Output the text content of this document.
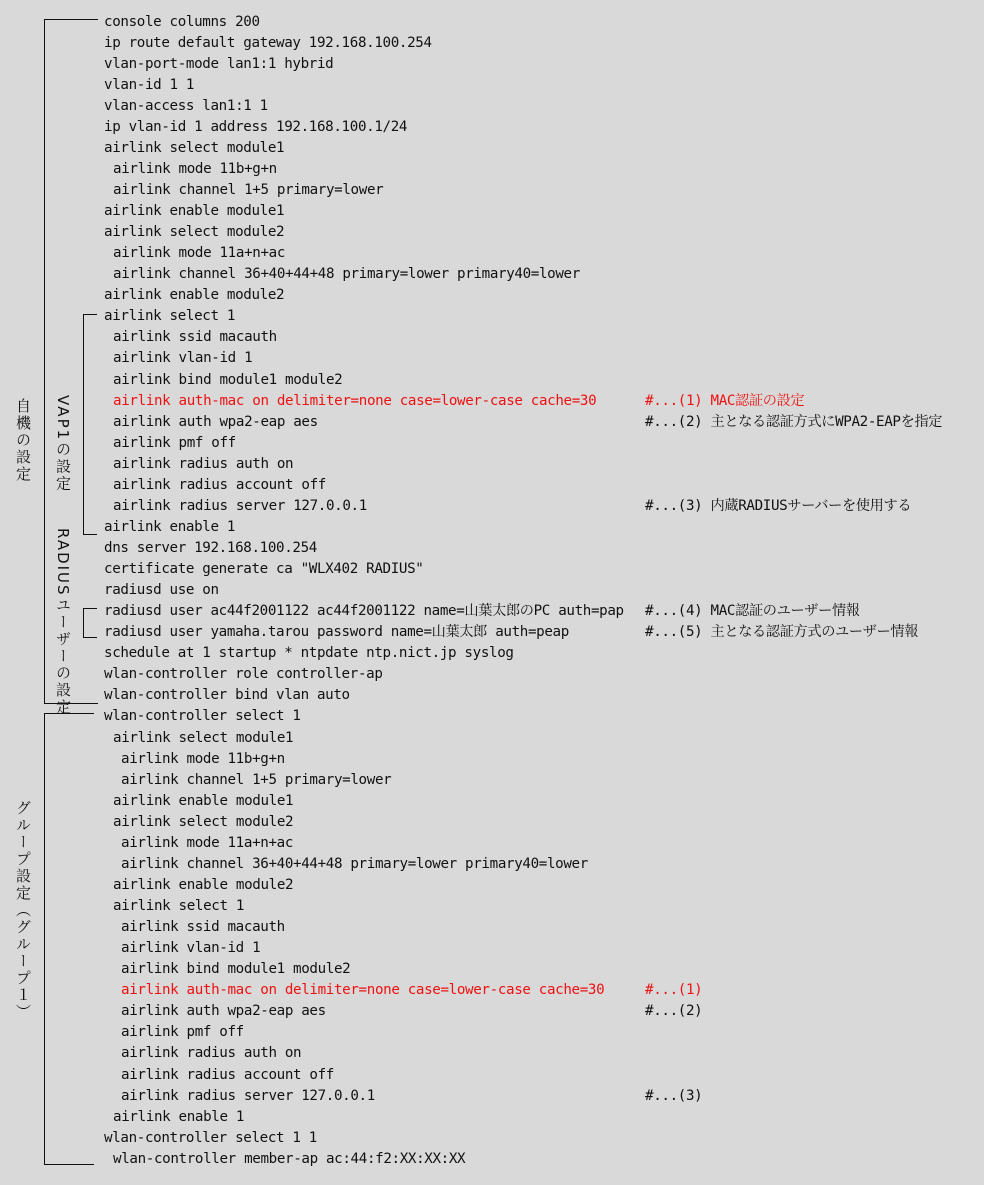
自機の設定 VAP1の設定
RADIUSユーザーの設定
グループ設定（グループ１）
console columns 200
ip route default gateway 192.168.100.254
vlan-port-mode lan1:1 hybrid
vlan-id 1 1
vlan-access lan1:1 1
ip vlan-id 1 address 192.168.100.1/24
airlink select module1
airlink mode 11b+g+n
airlink channel 1+5 primary=lower
airlink enable module1
airlink select module2
airlink mode 11a+n+ac
airlink channel 36+40+44+48 primary=lower primary40=lower
airlink enable module2
airlink select 1
airlink ssid macauth
airlink vlan-id 1
airlink bind module1 module2
airlink auth-mac on delimiter=none case=lower-case cache=30	#...(1) MAC認証の設定
airlink auth wpa2-eap aes	#...(2) 主となる認証方式にWPA2-EAPを指定
airlink pmf off
airlink radius auth on
airlink radius account off
airlink radius server 127.0.0.1	#...(3) 内蔵RADIUSサーバーを使用する
airlink enable 1
dns server 192.168.100.254
certificate generate ca "WLX402 RADIUS"
radiusd use on
radiusd user ac44f2001122 ac44f2001122 name=山葉太郎のPC auth=pap #...(4) MAC認証のユーザー情報
radiusd user yamaha.tarou password name=山葉太郎 auth=peap	#...(5) 主となる認証方式のユーザー情報
schedule at 1 startup * ntpdate ntp.nict.jp syslog
wlan-controller role controller-ap
wlan-controller bind vlan auto
wlan-controller select 1
airlink select module1
airlink mode 11b+g+n
airlink channel 1+5 primary=lower
airlink enable module1
airlink select module2
airlink mode 11a+n+ac
airlink channel 36+40+44+48 primary=lower primary40=lower
airlink enable module2
airlink select 1
airlink ssid macauth
airlink vlan-id 1
airlink bind module1 module2
airlink auth-mac on delimiter=none case=lower-case cache=30	#...(1)
airlink auth wpa2-eap aes	#...(2)
airlink pmf off
airlink radius auth on
airlink radius account off
airlink radius server 127.0.0.1	#...(3)
airlink enable 1
wlan-controller select 1 1
wlan-controller member-ap ac:44:f2:XX:XX:XX
